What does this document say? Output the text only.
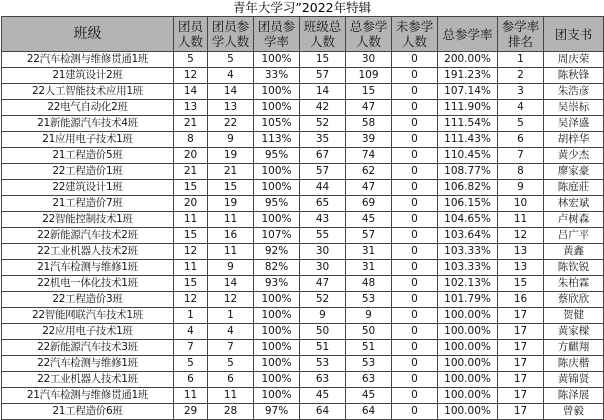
青年大学习”2022年特辑
班级	团员人数	团员参学人数	团员参学率	班级总人数	总参学人数	未参学人数	总参学率	参学率排名	团支书
22汽车检测与维修贯通1班	5	5	100%	15	30	0	200.00%	1	周庆荣
21建筑设计2班	12	4	33%	57	109	0	191.23%	2	陈秋锋
22人工智能技术应用1班	14	14	100%	14	15	0	107.14%	3	朱浩彦
22电气自动化2班	13	13	100%	42	47	0	111.90%	4	吴崇标
21新能源汽车技术4班	21	22	105%	52	58	0	111.54%	5	吴泽盛
21应用电子技术1班	8	9	113%	35	39	0	111.43%	6	胡梓华
21工程造价5班	20	19	95%	67	74	0	110.45%	7	黄少杰
22工程造价1班	21	21	100%	57	62	0	108.77%	8	廖家豪
22建筑设计1班	15	15	100%	44	47	0	106.82%	9	陈庭莊
21工程造价7班	20	19	95%	65	69	0	106.15%	10	林宏斌
22智能控制技术1班	11	11	100%	43	45	0	104.65%	11	卢树森
22新能源汽车技术2班	15	16	107%	55	57	0	103.64%	12	吕广平
22工业机器人技术2班	12	11	92%	30	31	0	103.33%	13	黄鑫
21汽车检测与维修1班	11	9	82%	30	31	0	103.33%	13	陈钦锐
22机电一体化技术1班	15	14	93%	47	48	0	102.13%	15	朱柏霖
22工程造价3班	12	12	100%	52	53	0	101.79%	16	蔡欣欣
22智能网联汽车技术1班	1	1	100%	9	9	0	100.00%	17	贺健
22应用电子技术1班	4	4	100%	50	50	0	100.00%	17	黄家樑
22新能源汽车技术3班	7	7	100%	51	51	0	100.00%	17	方麒翔
22汽车检测与维修1班	5	5	100%	53	53	0	100.00%	17	陈庆楷
22工业机器人技术1班	6	6	100%	63	63	0	100.00%	17	黄锦贤
21汽车检测与维修贯通1班	11	11	100%	45	45	0	100.00%	17	陈泽展
21工程造价6班	29	28	97%	64	64	0	100.00%	17	曾毅
